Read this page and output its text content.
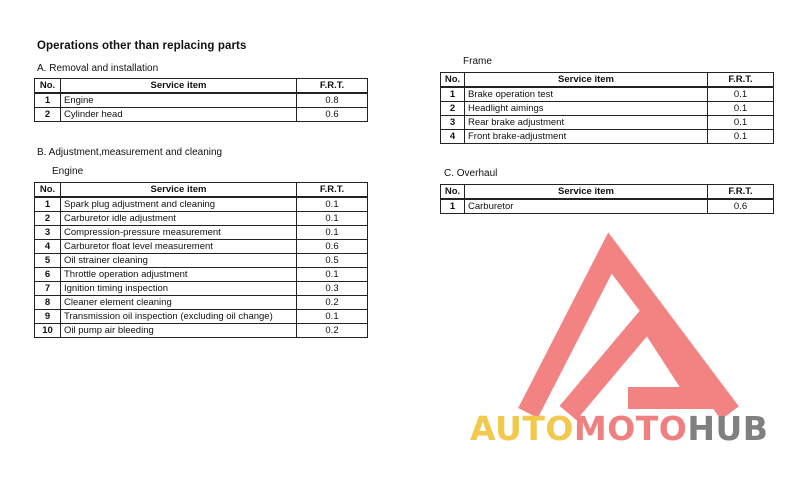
Operations other than replacing parts
A. Removal and installation
No.	Service item	F.R.T.
1	Engine	0.8
2	Cylinder head	0.6
B. Adjustment,measurement and cleaning
Engine
No.	Service item	F.R.T.
1	Spark plug adjustment and cleaning	0.1
2	Carburetor idle adjustment	0.1
3	Compression-pressure measurement	0.1
4	Carburetor float level measurement	0.6
5	Oil strainer cleaning	0.5
6	Throttle operation adjustment	0.1
7	Ignition timing inspection	0.3
8	Cleaner element cleaning	0.2
9	Transmission oil inspection (excluding oil change)	0.1
10	Oil pump air bleeding	0.2
Frame
No.	Service item	F.R.T.
1	Brake operation test	0.1
2	Headlight aimings	0.1
3	Rear brake adjustment	0.1
4	Front brake-adjustment	0.1
C. Overhaul
No.	Service item	F.R.T.
1	Carburetor	0.6
AUTOMOTOHUB
